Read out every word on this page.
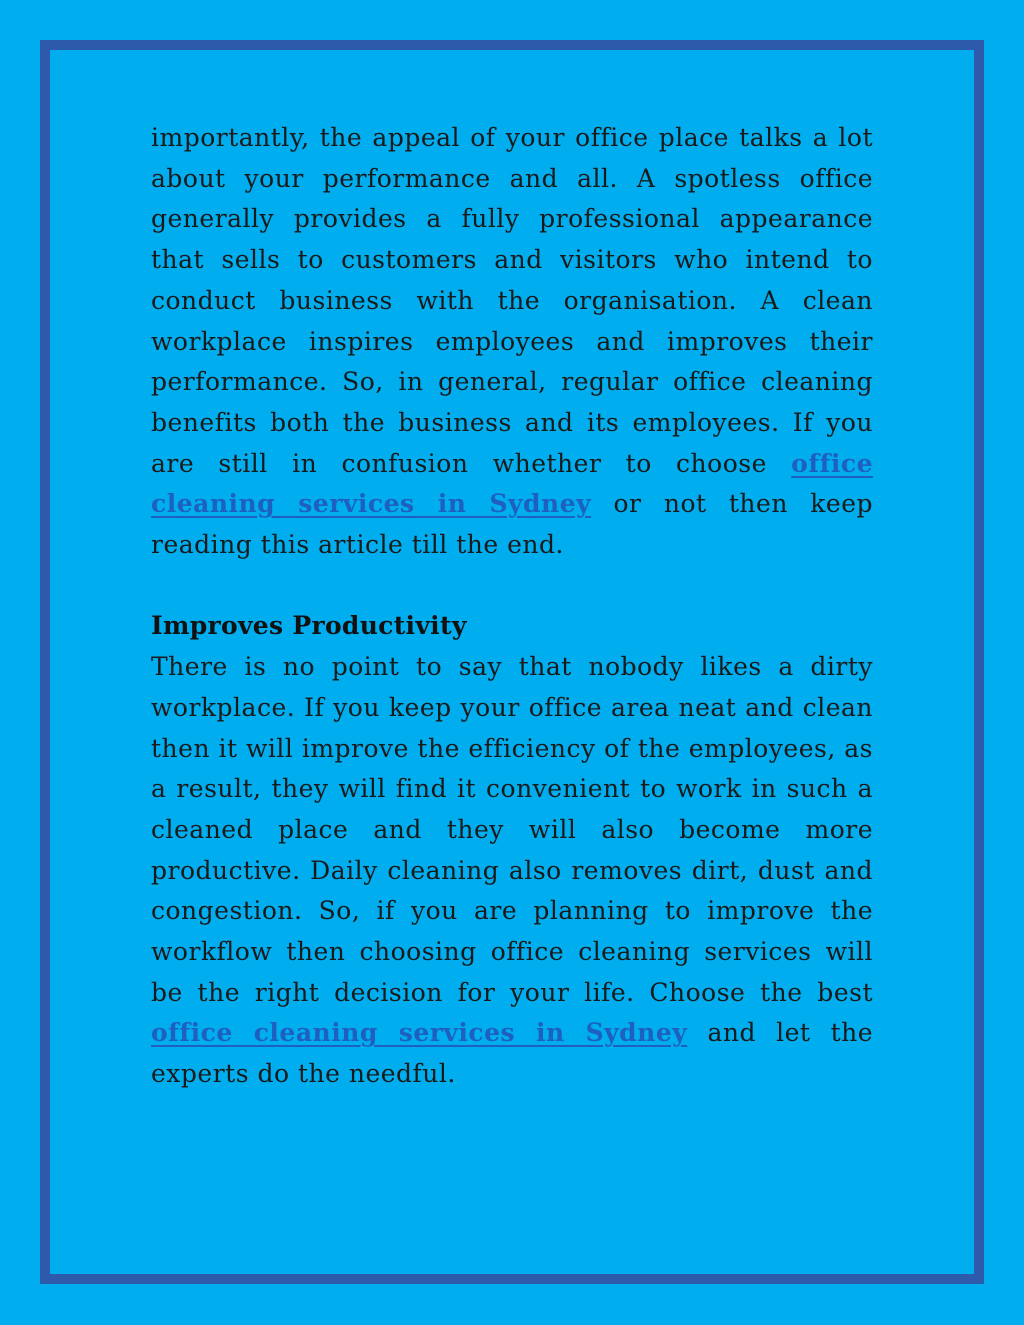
importantly, the appeal of your office place talks a lot about your performance and all. A spotless office generally provides a fully professional appearance that sells to customers and visitors who intend to conduct business with the organisation. A clean workplace inspires employees and improves their performance. So, in general, regular office cleaning benefits both the business and its employees. If you are still in confusion whether to choose office cleaning services in Sydney or not then keep reading this article till the end.

Improves Productivity

There is no point to say that nobody likes a dirty workplace. If you keep your office area neat and clean then it will improve the efficiency of the employees, as a result, they will find it convenient to work in such a cleaned place and they will also become more productive. Daily cleaning also removes dirt, dust and congestion. So, if you are planning to improve the workflow then choosing office cleaning services will be the right decision for your life. Choose the best office cleaning services in Sydney and let the experts do the needful.
